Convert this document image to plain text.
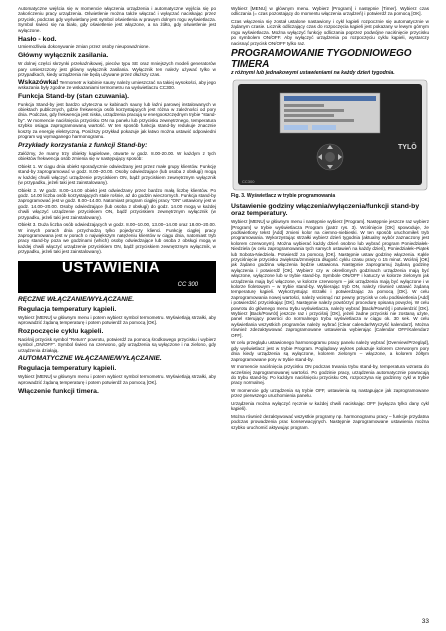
Automatyczne wejścia się w momencie włączenia urządzenia i automatyczne wyjścia się po zakończeniu pracy urządzenia. Oświetlenie można także włączać i wyłączać naciskając przez przycisk, podczas gdy wyświetlany jest symbol oświetlenia w prawym dolnym rogu wyświetlacza. Symbol świeci się na biało, gdy oświetlenie jest włączone, a na żółto, gdy oświetlenie jest wyłączone.

Hasło - kod.

Umiemożliwia dokonywanie zmian przez osoby nieupoważnione.

Główny wyłącznik zasilania.

W dolnej części skrzynki przekaźnikowej, pieców typu SE oraz mniejszych modeli generatorów pary umieszczony jest główny wyłącznik zasilania. Wyłącznik ten należy używać tylko w przypadkach, kiedy urządzenia nie będą używane przez dłuższy czas.

Wskazówka! Termometr w kabinie sauny należy umieszczać na takiej wysokości, aby jego wskazania były zgodne ze wskazaniami termometru na wyświetlaczu CC300.

Funkcja Stand-by (stan czuwania).

Funkcja Stand-by jest bardzo użyteczna w kabinach sauny lub łaźni parowej instalowanych w obiektach publicznych, gdzie frekwencja osób korzystających jest różna w zależności od pory dnia. Podczas, gdy frekwencja jest niska, urządzenia pracują w energooszczędnym trybie "stand-by". W momencie naciśnięcia przycisku ON na panelu lub przycisku zewnętrznego, temperatura szybko osiąga zaprogramowaną wartość. W ten sposób funkcja stand-by redukuje znacznie koszty za energię elektryczną. Poniższy przykład pokazuje jak łatwo można ustawić odpowiedni program wg wymaganego harmonogramu.

Przykłady korzystania z funkcji Stand-by:

Załóżmy, że mamy trzy obiekty kąpielowe, otwarte w godz. 8.00-20.00. W każdym z tych obiektów frekwencja osób zmienia się w następujący sposób:

Obiekt 1. W ciągu dnia obiekt sporadycznie odwiedzany jest przez małe grupy klientów. Funkcję stand-by zaprogramować w godz. 8.00–20.00. Osoby odwiedzające (lub osoba z obsługi) mogą w każdej chwili włączyć urządzenie przyciskiem ON, bądź przyciskiem zewnętrznym wyłącznik (w przypadku, jeżeli taki jest zainstalowany).

Obiekt 2. W godz. 8.00–14.00 obiekt jest odwiedzany przez bardzo małą liczbę klientów. Po godz. 14.00 liczba osób korzystających stale rośnie, aż do godzin wieczornych. Funkcja stand-by zaprogramować jest w godz. 8.00–14.00. Natomiast program ciągłej pracy "ON" ustawiony jest w godz. 14.00–20.00. Osoby odwiedzające (lub osoba z obsługi) do godz. 14.00 mogą w każdej chwili włączyć urządzenie przyciskiem ON, bądź przyciskiem zewnętrznym wyłącznik (w przypadku, jeżeli taki jest zainstalowany).

Obiekt 3. Duża liczba osób odwiedzających w godz. 8.00–10.00, 13.00–14.00 oraz 18.00–20.00. W innych porach dnia przychodzą tylko pojedynczy klienci. Funkcję ciągłej pracy zaprogramowana jest w porach o największym natężeniu klientów w ciągu dnia, natomiast tryb pracy stand-by poza we godzinami (which) osoby odwiedzające lub osoba z obsługi mogą w każdej chwili włączyć urządzenie przyciskiem ON, bądź przyciskiem zewnętrznym wyłącznik, w przypadku, jeżeli taki jest zainstalowany).

USTAWIENIA
CC 300
RĘCZNE WŁĄCZANIE/WYŁĄCZANIE.
Regulacja temperatury kąpieli.

Wybierz [MENU] w głównym menu i potem wybierz symbol termometru. Wyświetlają strzałki, aby wprowadzić żądaną temperaturę i potem potwierdź za pomocą [OK].

Rozpoczęcie cyklu kąpieli.

Naciśnij przycisk symbol "Return" powrotu, potwierdź za pomocą środkowego przycisku i wybierz symbol „ON/OFF". Symbol świeci na czerwono, gdy urządzenia są wyłączone i na zielono, gdy urządzenia działają.

AUTOMATYCZNE WŁĄCZANIE/WYŁĄCZANIE.
Regulacja temperatury kąpieli.

Wybierz [MENU] w głównym menu i potem wybierz symbol termometru. Wyświetlają strzałki, aby wprowadzić żądaną temperaturę i potem potwierdź za pomocą [OK].

Włączenie funkcji timera.

Wybierz [MENU] w głównym menu. Wybierz [Program] i następnie [Timer]. Wybierz czas odliczania (= czas pozostający do momentu włączenia urządzeń) i potwierdź za pomocą [OK].

Czas włączenia się został ustalone nastawiony i cykl kąpieli rozpocznie się automatycznie w żądanym czasie. Licznik odliczający czas do rozpoczęcia kąpieli jest pokazany w lewym górnym rogu wyświetlacza. Można wyłączyć funkcję odliczania poprzez podwójne naciśnięcie przycisku po symbolem ON/OFF. Aby wyłączyć urządzenia po rozpoczęciu cyklu kąpieli, wystarczy nacisnąć przycisk ON/OFF tylko raz.

PROGRAMOWANIE TYGODNIOWEGO TIMERA
z różnymi lub jednakowymi ustawieniami na każdy dzień tygodnia.
TYLÖ
CC300
Fig. 3. Wyświetlacz w trybie programowania
Ustawienie godziny włączenia/wyłączenia/funkcji stand-by oraz temperatury.

Wybierz [MENU] w głównym menu i następnie wybierz [Program]. Następnie jeszcze raz wybierz [Program] w trybie wyświetlacza Program (patrz rys. 3). Wciśnięcie [OK] spowoduje, że podświetlony tekst [Add] zmieni kolor na ciemno-niebieski. W ten sposób uruchomiłeś tryb programowania. Wykorzystując strzałki wybierz dzień tygodnia (aktualny wybór zaznaczony jest kolorem czerwonym). Można wybierać każdy dzień osobno lub wybrać program Poniedziałek-Niedziela (w celu zaprogramowania tych samych ustawień na każdy dzień), Poniedziałek–Piątek lub Sobota-Niedziela. Potwierdź za pomocą [OK]. Następnie ustaw godzinę włączenia. Kąkle przyciśnięcie przycisku zwiększa/zmniejsza długość cyklu czasu pracy o 15 minut. Wciśnij [OK] jak żądano godzina włączenia będzie ustawiona. Następnie zaprogramuj żądaną godzinę wyłączenia i potwierdź [OK]. Wybierz czy w określonych godzinach urządzenia mają być włączone, wyłączone lub w trybie stand-by. Symbole ON/OFF i katuczy w kolorze zielonym jak urządzenia mają być włączone, w kolorze czerwonym – jak urządzenia mają być wyłączone i w kolorze fioletowym – w trybie stand-by. Wybierając tryb ON, należy również ustawić żądaną temperaturę kąpieli. Wykorzystując strzałki i potwierdzając za pomocą [OK]. W celu zaprogramowania nowej wartości, należy wcisnąć raz pewny przycisk w celu podświetlenia [Add] i potwierdzić przyciskając [OK]. Następnie należy powtórzyć procedurę opisaną powyżej. W celu powrotu do głównego menu trybu wyświetlacza, należy wybrać [Back/Powrót] i potwierdzić [OK]. Wybierz [Back/Powrót] jeszcze raz i przyciśnij [OK], jeżeli żadne przyciski nie zostaną użyte, panel sterujący powróci do normalnego trybu wyświetlacza w ciągu ok. 30 sek. W celu wyświetlania wszystkich programów należy wybrać [Clear calendar/Wyczyść kalendarz]. Można również zdezaktywować zaprogramowane ustawienia wybierając [Calendar OFF/Kalendarz OFF].

W celu przeglądu ustawionego harmonogramu pracy panelu należy wybrać [Overview/Przegląd], gdy wyświetlacz jest w trybie Program. Poglądowy wykres pokazuje kolorem czerwonym pory dnia kiedy urządzenia są wyłączone, kolorem zielonym – włączone, a kolorem żółtym zaprogramowane pory w trybie stand-by.

W momencie naciśnięcia przycisku ON podczas trwania trybu stand-by, temperatura wzrasta do wcześniej zaprogramowanej wartości. Po godzinie pracy, urządzenia automatycznie powracają do trybu stand-by. Po każdym naciśnięciu przycisku ON, rozpoczyna się godzinny cykl w trybie pracy normalnej.

W momencie gdy urządzenia są trybie OFF, ustawienia są nastąpujące jak zaprogramowane przez pierwszego uruchomienia panelu.

Urządzenia można wyłączyć ręcznie w każdej chwili naciskając OFF (wyłącza tylko dany cykl kąpieli).

Można również dezaktywować wszystkie programy np. harmonogramu pracy – funkcje przydatna podczas prowadzenia prac konserwacyjnych. Następnie zaprogramowane ustawienia można szybko uruchomić aktywując program.

33
